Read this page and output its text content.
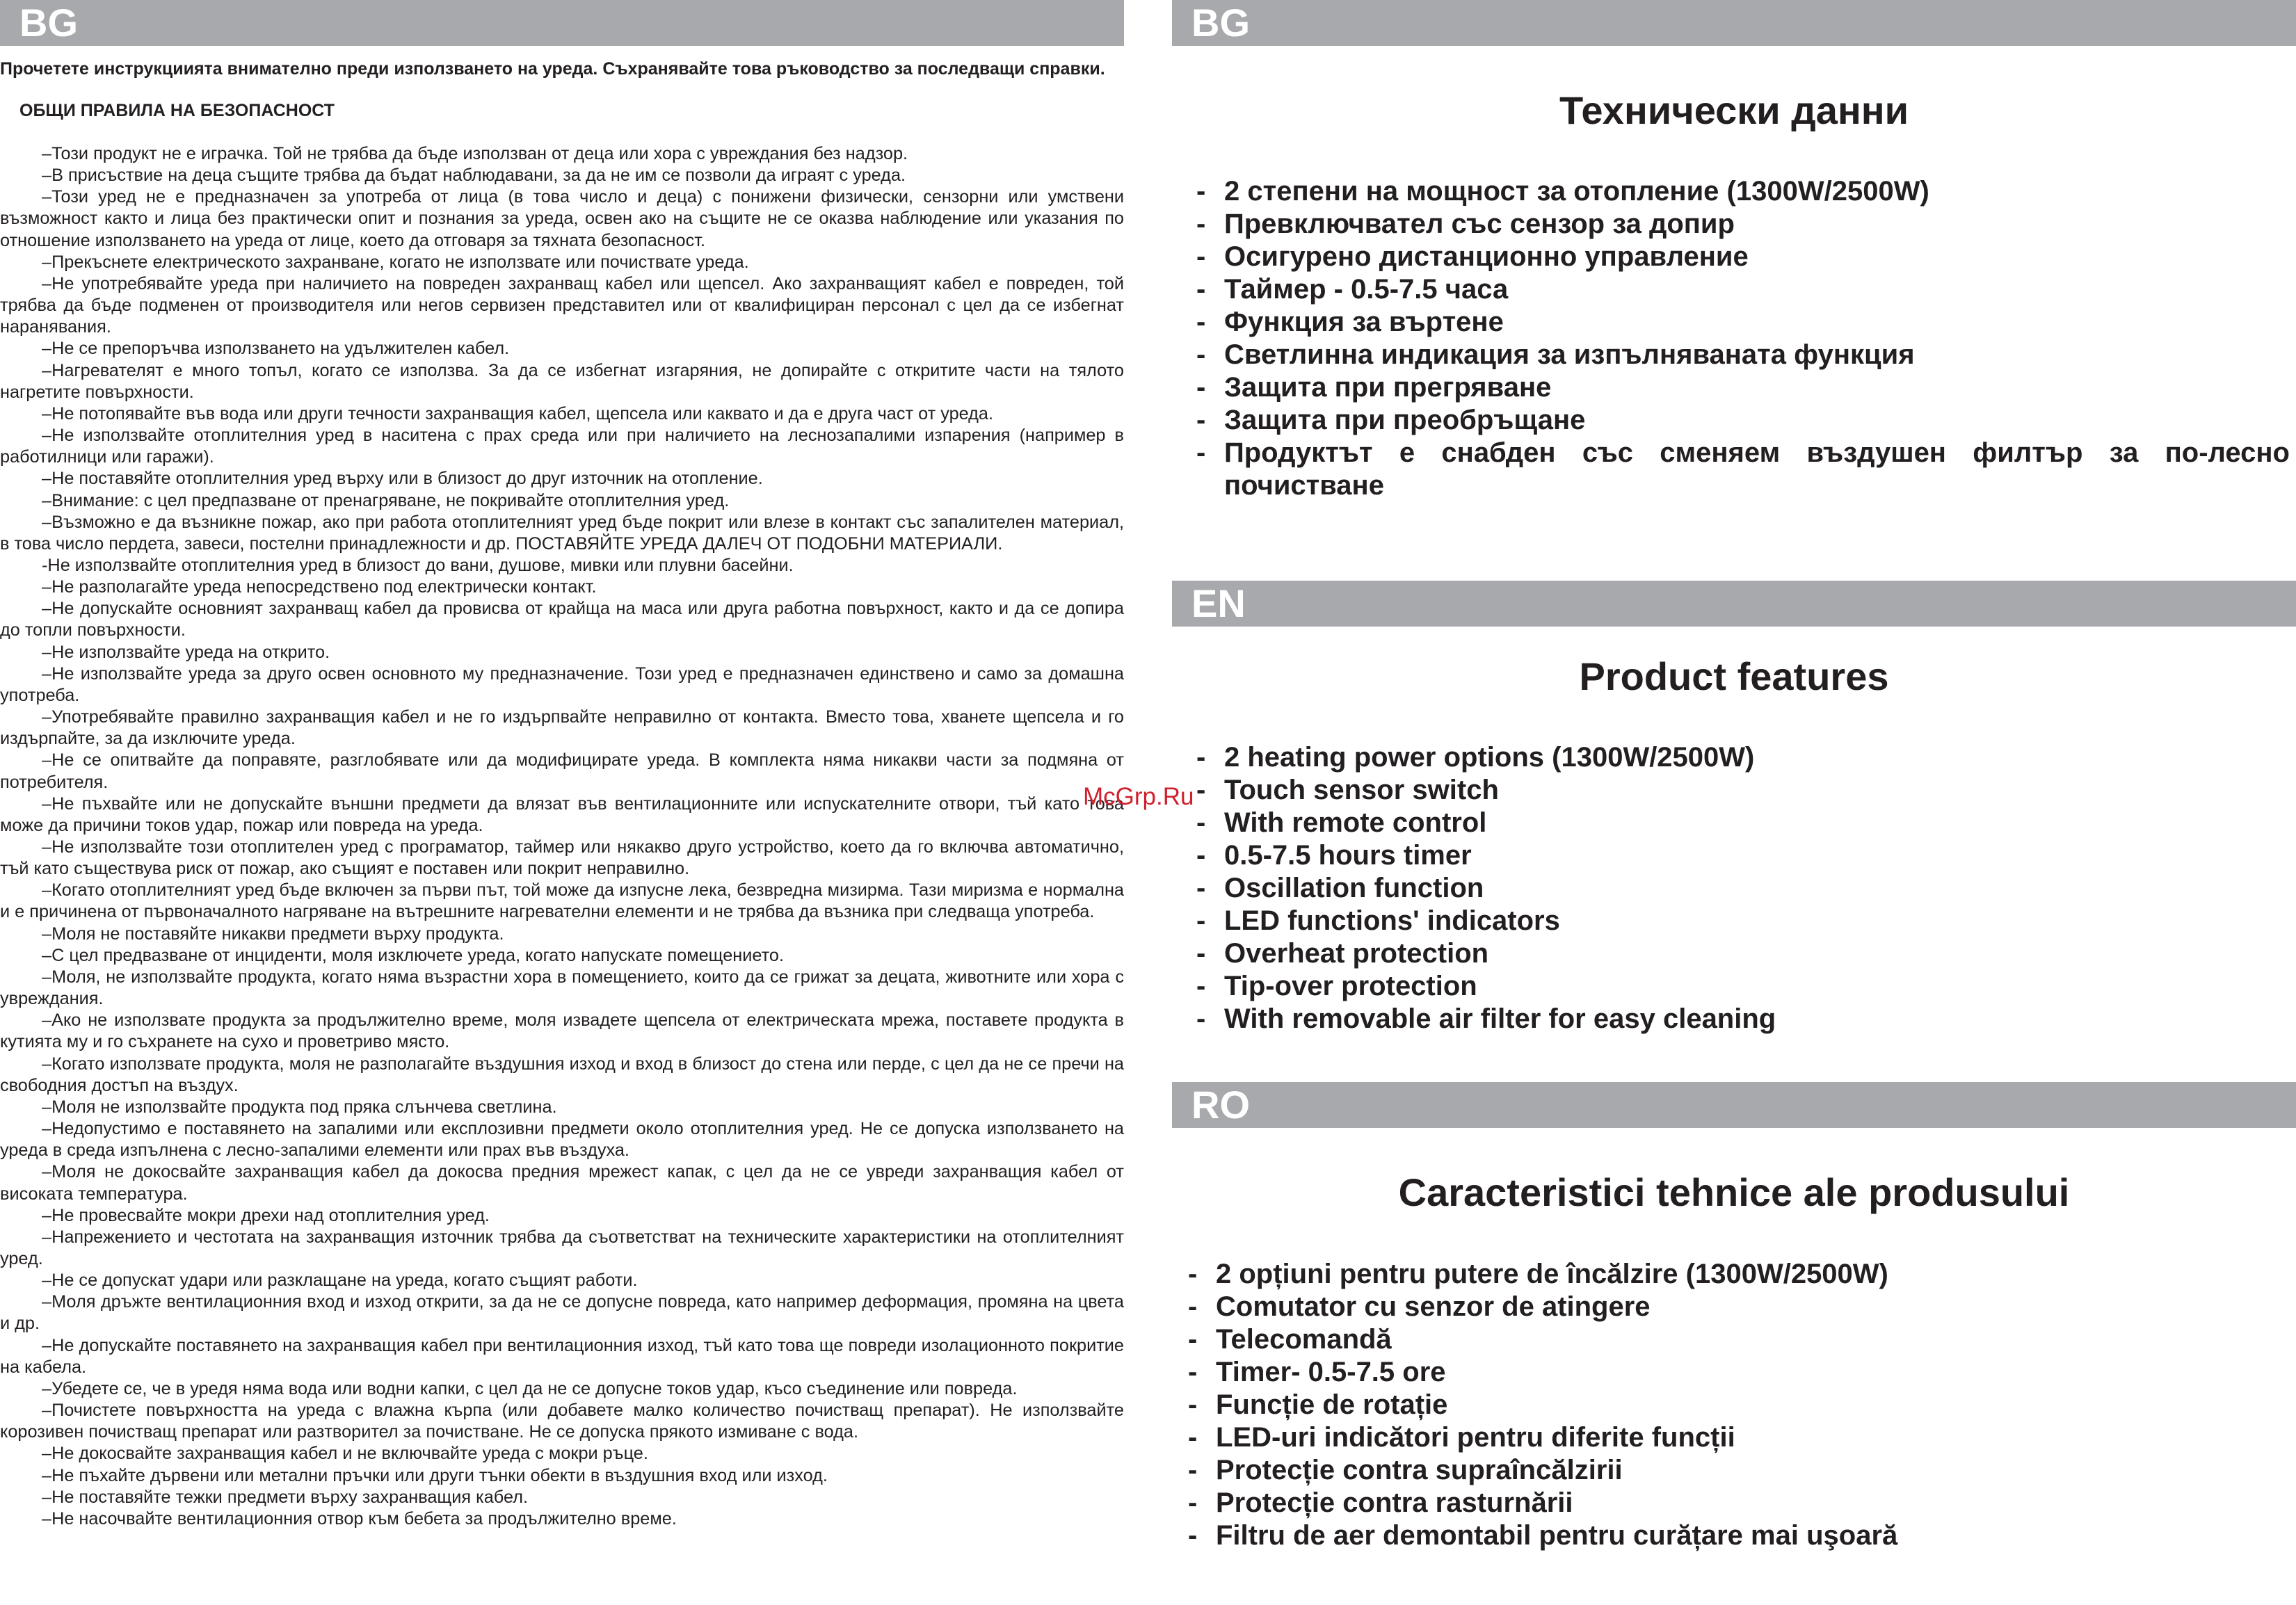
BG
Прочетете инструкциията внимателно преди използването на уреда. Съхранявайте това ръководство за последващи справки.
ОБЩИ ПРАВИЛА НА БЕЗОПАСНОСТ

–Този продукт не е играчка. Той не трябва да бъде използван от деца или хора с увреждания без надзор.

–В присъствие на деца същите трябва да бъдат наблюдавани, за да не им се позволи да играят с уреда.

–Този уред не е предназначен за употреба от лица (в това число и деца) с понижени физически, сензорни или умствени възможност както и лица без практически опит и познания за уреда, освен ако на същите не се оказва наблюдение или указания по отношение използването на уреда от лице, което да отговаря за тяхната безопасност.

–Прекъснете електрическото захранване, когато не използвате или почиствате уреда.

–Не употребявайте уреда при наличието на повреден захранващ кабел или щепсел. Ако захранващият кабел е повреден, той трябва да бъде подменен от производителя или негов сервизен представител или от квалифициран персонал с цел да се избегнат наранявания.

–Не се препоръчва използването на удължителен кабел.

–Нагревателят е много топъл, когато се използва. За да се избегнат изгаряния, не допирайте с откритите части на тялото нагретите повърхности.

–Не потопявайте във вода или други течности захранващия кабел, щепсела или каквато и да е друга част от уреда.

–Не използвайте отоплителния уред в наситена с прах среда или при наличието на леснозапалими изпарения (например в работилници или гаражи).

–Не поставяйте отоплителния уред върху или в близост до друг източник на отопление.

–Внимание: с цел предпазване от пренагряване, не покривайте отоплителния уред.

–Възможно е да възникне пожар, ако при работа отоплителният уред бъде покрит или влезе в контакт със запалителен материал, в това число пердета, завеси, постелни принадлежности и др. ПОСТАВЯЙТЕ УРЕДА ДАЛЕЧ ОТ ПОДОБНИ МАТЕРИАЛИ.

-Не използвайте отоплителния уред в близост до вани, душове, мивки или плувни басейни.

–Не разполагайте уреда непосредствено под електрически контакт.

–Не допускайте основният захранващ кабел да провисва от крайща на маса или друга работна повърхност, както и да се допира до топли повърхности.

–Не използвайте уреда на открито.

–Не използвайте уреда за друго освен основното му предназначение. Този уред е предназначен единствено и само за домашна употреба.

–Употребявайте правилно захранващия кабел и не го издърпвайте неправилно от контакта. Вместо това, хванете щепсела и го издърпайте, за да изключите уреда.

–Не се опитвайте да поправяте, разглобявате или да модифицирате уреда. В комплекта няма никакви части за подмяна от потребителя.

–Не пъхвайте или не допускайте външни предмети да влязат във вентилационните или испускателните отвори, тъй като това може да причини токов удар, пожар или повреда на уреда.

–Не използвайте този отоплителен уред с програматор, таймер или някакво друго устройство, което да го включва автоматично, тъй като съществува риск от пожар, ако същият е поставен или покрит неправилно.

–Когато отоплителният уред бъде включен за първи път, той може да изпусне лека, безвредна мизирма. Тази миризма е нормална и е причинена от първоначалното нагряване на вътрешните нагревателни елементи и не трябва да възника при следваща употреба.

–Моля не поставяйте никакви предмети върху продукта.

–С цел предвазване от инциденти, моля изключете уреда, когато напускате помещението.

–Моля, не използвайте продукта, когато няма възрастни хора в помещението, които да се грижат за децата, животните или хора с увреждания.

–Ако не използвате продукта за продължително време, моля извадете щепсела от електрическата мрежа, поставете продукта в кутията му и го съхранете на сухо и проветриво място.

–Когато използвате продукта, моля не разполагайте въздушния изход и вход в близост до стена или перде, с цел да не се пречи на свободния достъп на въздух.

–Моля не използвайте продукта под пряка слънчева светлина.

–Недопустимо е поставянето на запалими или експлозивни предмети около отоплителния уред. Не се допуска използването на уреда в среда изпълнена с лесно-запалими елементи или прах във въздуха.

–Моля не докосвайте захранващия кабел да докосва предния мрежест капак, с цел да не се увреди захранващия кабел от високата температура.

–Не провесвайте мокри дрехи над отоплителния уред.

–Напрежението и честотата на захранващия източник трябва да съответстват на техническите характеристики на отоплителният уред.

–Не се допускат удари или разклащане на уреда, когато същият работи.

–Моля дръжте вентилационния вход и изход открити, за да не се допусне повреда, като например деформация, промяна на цвета и др.

–Не допускайте поставянето на захранващия кабел при вентилационния изход, тъй като това ще повреди изолационното покритие на кабела.

–Убедете се, че в уредя няма вода или водни капки, с цел да не се допусне токов удар, късо съединение или повреда.

–Почистете повърхността на уреда с влажна кърпа (или добавете малко количество почистващ препарат). Не използвайте корозивен почистващ препарат или разтворител за почистване. Не се допуска прякото измиване с вода.

–Не докосвайте захранващия кабел и не включвайте уреда с мокри ръце.

–Не пъхайте дървени или метални пръчки или други тънки обекти в въздушния вход или изход.

–Не поставяйте тежки предмети върху захранващия кабел.

–Не насочвайте вентилационния отвор към бебета за продължително време.

BG
Технически данни
- 2 степени на мощност за отопление (1300W/2500W)
- Превключвател със сензор за допир
- Осигурено дистанционно управление
- Таймер - 0.5-7.5 часа
- Функция за въртене
- Светлинна индикация за изпълняваната функция
- Защита при прегряване
- Защита при преобръщане
- Продуктът е снабден със сменяем въздушен филтър за по-лесно почистване
EN
Product features
- 2 heating power options (1300W/2500W)
- Touch sensor switch
- With remote control
- 0.5-7.5 hours timer
- Oscillation function
- LED functions' indicators
- Overheat protection
- Tip-over protection
- With removable air filter for easy cleaning
RO
Caracteristici tehnice ale produsului
- 2 opțiuni pentru putere de încălzire (1300W/2500W)
- Comutator cu senzor de atingere
- Telecomandă
- Timer- 0.5-7.5 ore
- Funcție de rotație
- LED-uri indicători pentru diferite funcții
- Protecție contra supraîncălzirii
- Protecție contra rasturnării
- Filtru de aer demontabil pentru curățare mai uşoară
McGrp.Ru
